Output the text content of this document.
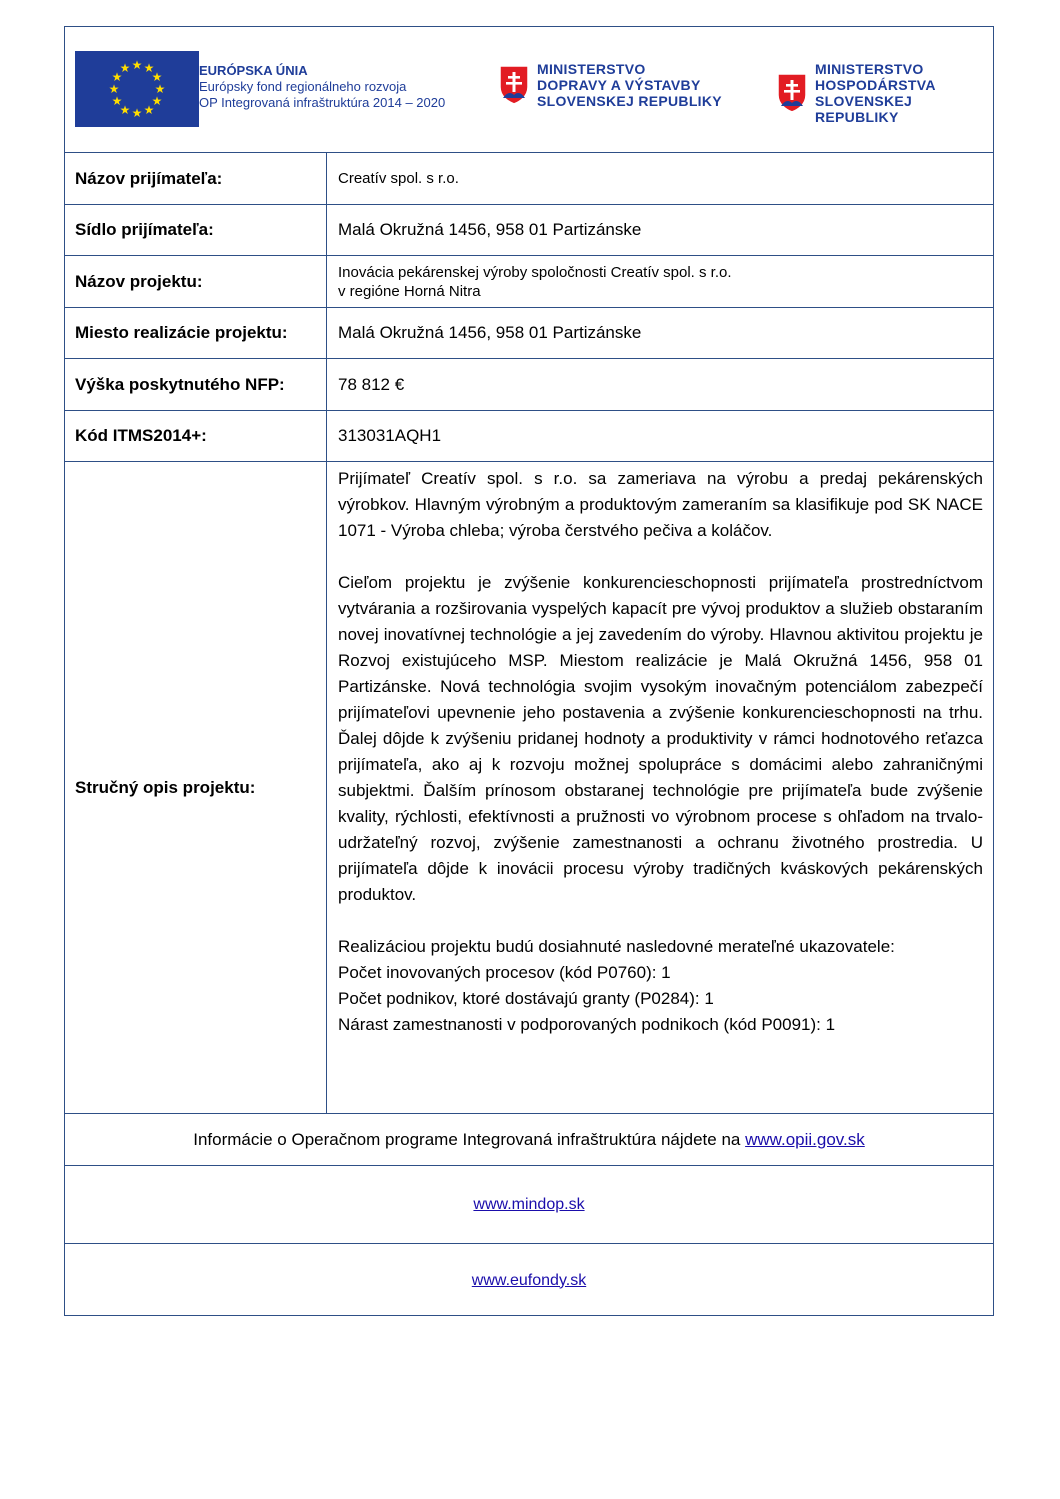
★ ★
★
★
★
★
★
★
★
★
★
★	EURÓPSKA ÚNIA
Európsky fond regionálneho rozvoja
OP Integrovaná infraštruktúra 2014 – 2020
MINISTERSTVO
DOPRAVY A VÝSTAVBY
SLOVENSKEJ REPUBLIKY
MINISTERSTVO
HOSPODÁRSTVA
SLOVENSKEJ REPUBLIKY
Názov prijímateľa:	Creatív spol. s r.o.
Sídlo prijímateľa:	Malá Okružná 1456, 958 01 Partizánske
Názov projektu:	Inovácia pekárenskej výroby spoločnosti Creatív spol. s r.o.
v regióne Horná Nitra
Miesto realizácie projektu:	Malá Okružná 1456, 958 01 Partizánske
Výška poskytnutého NFP:	78 812 €
Kód ITMS2014+:	313031AQH1
Stručný opis projektu:

Prijímateľ Creatív spol. s r.o. sa zameriava na výrobu a predaj pekárenských výrobkov. Hlavným výrobným a produktovým zameraním sa klasifikuje pod SK NACE 1071 - Výroba chleba; výroba čerstvého pečiva a koláčov.

Cieľom projektu je zvýšenie konkurencieschopnosti prijímateľa prostredníctvom vytvárania a rozširovania vyspelých kapacít pre vývoj produktov a služieb obstaraním novej inovatívnej technológie a jej zavedením do výroby. Hlavnou aktivitou projektu je Rozvoj existujúceho MSP. Miestom realizácie je Malá Okružná 1456, 958 01 Partizánske. Nová technológia svojim vysokým inovačným potenciálom zabezpečí prijímateľovi upevnenie jeho postavenia a zvýšenie konkurencieschopnosti na trhu. Ďalej dôjde k zvýšeniu pridanej hodnoty a produktivity v rámci hodnotového reťazca prijímateľa, ako aj k rozvoju možnej spolupráce s domácimi alebo zahraničnými subjektmi. Ďalším prínosom obstaranej technológie pre prijímateľa bude zvýšenie kvality, rýchlosti, efektívnosti a pružnosti vo výrobnom procese s ohľadom na trvalo-udržateľný rozvoj, zvýšenie zamestnanosti a ochranu životného prostredia. U prijímateľa dôjde k inovácii procesu výroby tradičných kváskových pekárenských produktov.

Realizáciou projektu budú dosiahnuté nasledovné merateľné ukazovatele:

Počet inovovaných procesov (kód P0760): 1

Počet podnikov, ktoré dostávajú granty (P0284): 1

Nárast zamestnanosti v podporovaných podnikoch (kód P0091): 1

Informácie o Operačnom programe Integrovaná infraštruktúra nájdete na
www.opii.gov.sk
www.mindop.sk
www.eufondy.sk
